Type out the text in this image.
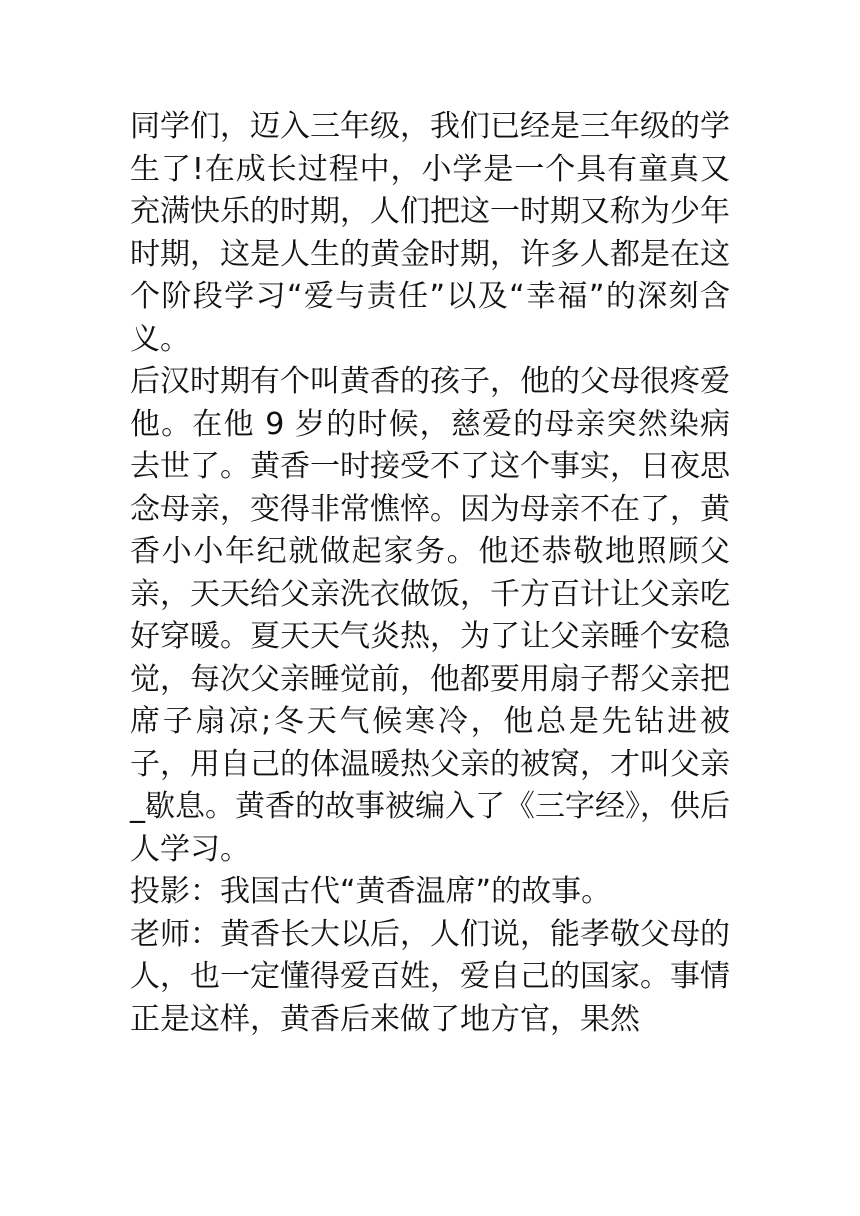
同学们，迈入三年级，我们已经是三年级的学生了!在成长过程中，小学是一个具有童真又充满快乐的时期，人们把这一时期又称为少年时期，这是人生的黄金时期，许多人都是在这个阶段学习“爱与责任”以及“幸福”的深刻含义。

后汉时期有个叫黄香的孩子，他的父母很疼爱他。在他 9 岁的时候，慈爱的母亲突然染病去世了。黄香一时接受不了这个事实，日夜思念母亲，变得非常憔悴。因为母亲不在了，黄香小小年纪就做起家务。他还恭敬地照顾父亲，天天给父亲洗衣做饭，千方百计让父亲吃好穿暖。夏天天气炎热，为了让父亲睡个安稳觉，每次父亲睡觉前，他都要用扇子帮父亲把席子扇凉;冬天气候寒冷，他总是先钻进被子，用自己的体温暖热父亲的被窝，才叫父亲_歇息。黄香的故事被编入了《三字经》，供后人学习。

投影：我国古代“黄香温席”的故事。

老师：黄香长大以后，人们说，能孝敬父母的人，也一定懂得爱百姓，爱自己的国家。事情正是这样，黄香后来做了地方官，果然
